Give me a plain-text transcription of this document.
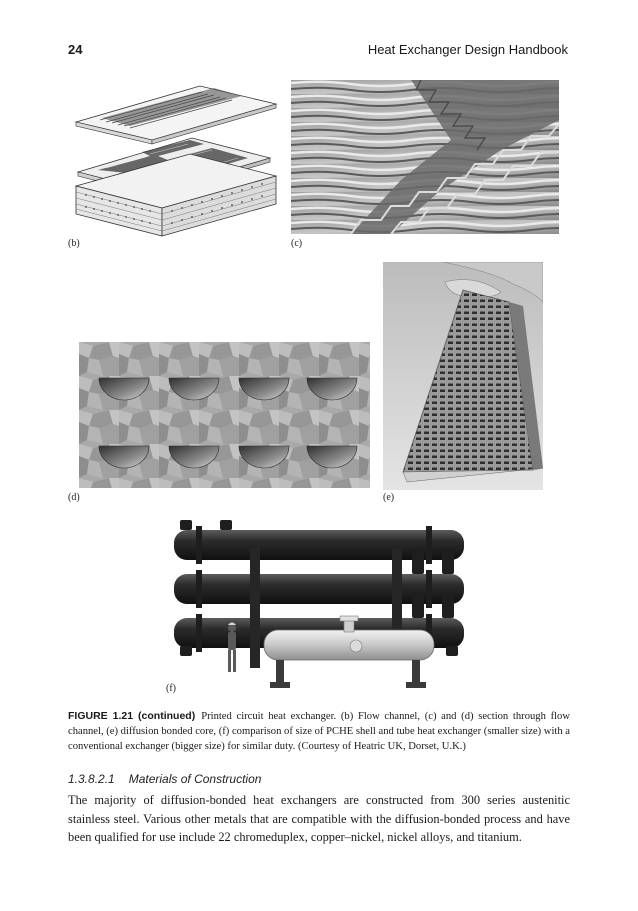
24	Heat Exchanger Design Handbook
(b)	(c)
(d)	(e)
(f)
FIGURE 1.21 (continued) Printed circuit heat exchanger. (b) Flow channel, (c) and (d) section through flow channel, (e) diffusion bonded core, (f) comparison of size of PCHE shell and tube heat exchanger (smaller size) with a conventional exchanger (bigger size) for similar duty. (Courtesy of Heatric UK, Dorset, U.K.)
1.3.8.2.1 Materials of Construction
The majority of diffusion-bonded heat exchangers are constructed from 300 series austenitic stainless steel. Various other metals that are compatible with the diffusion-bonded process and have been qualified for use include 22 chromeduplex, copper–nickel, nickel alloys, and titanium.
